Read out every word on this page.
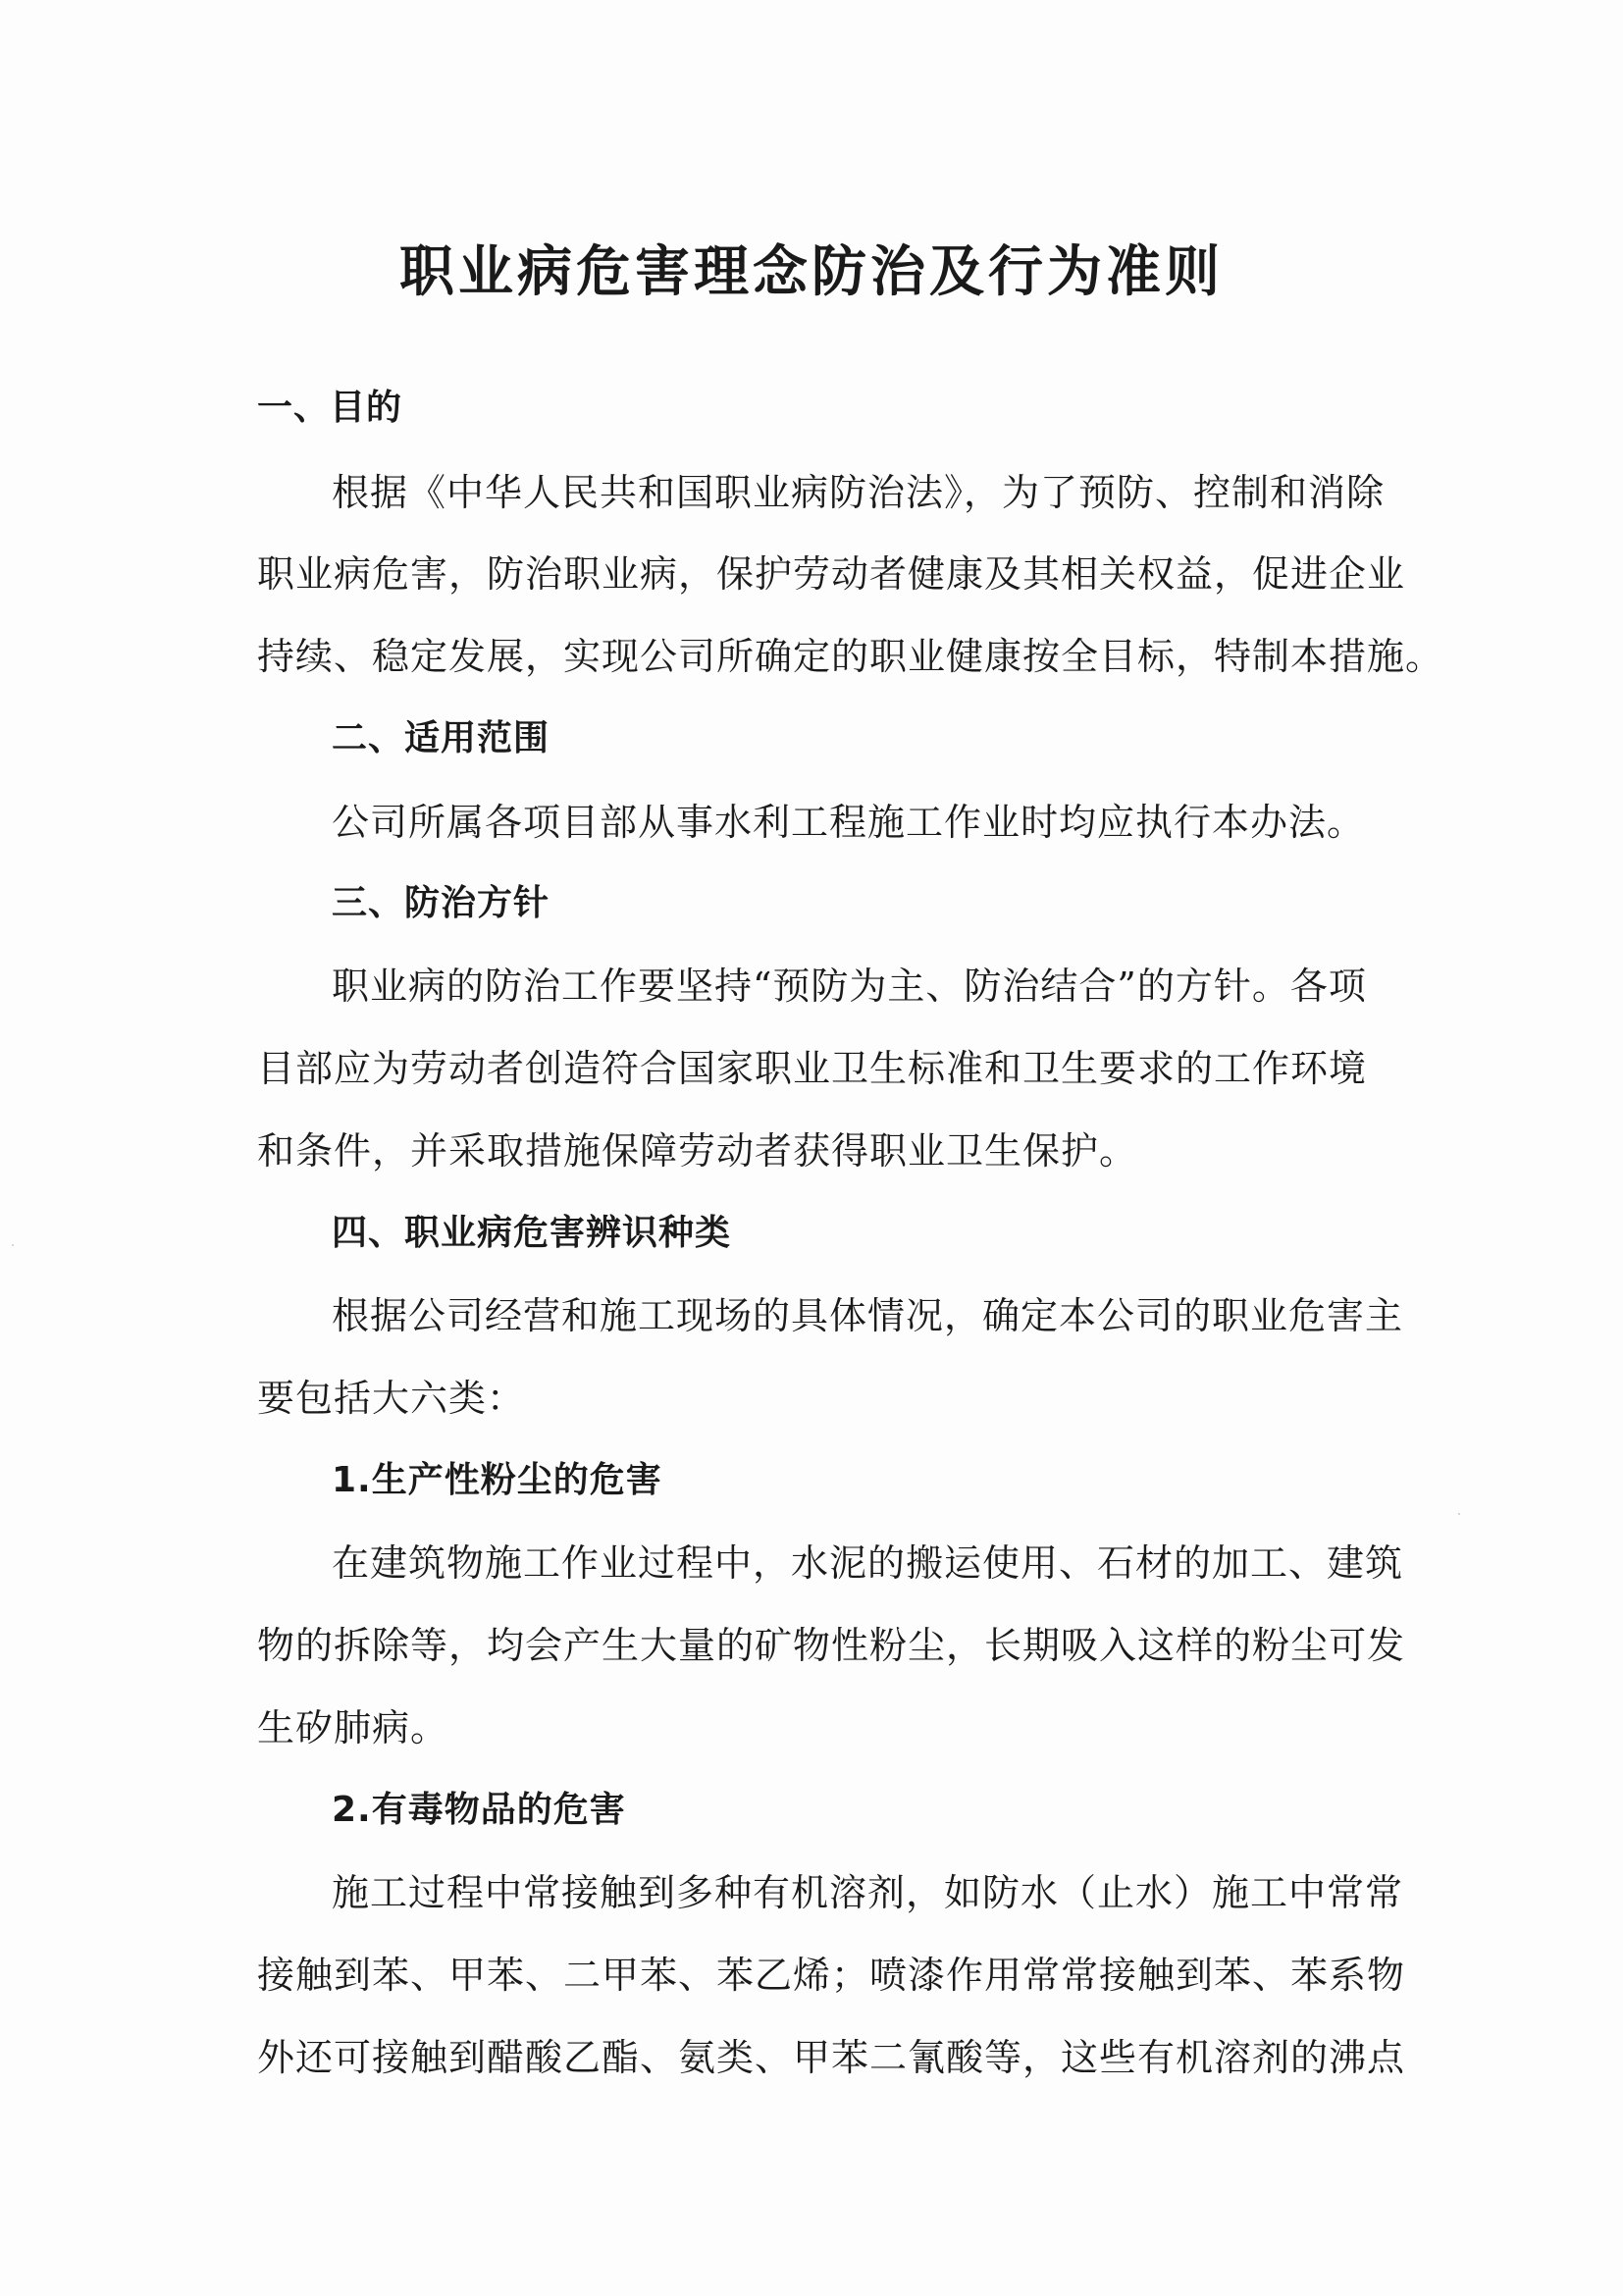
职业病危害理念防治及行为准则
一、目的
根据《中华人民共和国职业病防治法》，为了预防、控制和消除
职业病危害，防治职业病，保护劳动者健康及其相关权益，促进企业
持续、稳定发展，实现公司所确定的职业健康按全目标，特制本措施。
二、适用范围
公司所属各项目部从事水利工程施工作业时均应执行本办法。
三、防治方针
职业病的防治工作要坚持“预防为主、防治结合”的方针。各项
目部应为劳动者创造符合国家职业卫生标准和卫生要求的工作环境
和条件，并采取措施保障劳动者获得职业卫生保护。
四、职业病危害辨识种类
根据公司经营和施工现场的具体情况，确定本公司的职业危害主
要包括大六类：
1.生产性粉尘的危害
在建筑物施工作业过程中，水泥的搬运使用、石材的加工、建筑
物的拆除等，均会产生大量的矿物性粉尘，长期吸入这样的粉尘可发
生矽肺病。
2.有毒物品的危害
施工过程中常接触到多种有机溶剂，如防水（止水）施工中常常
接触到苯、甲苯、二甲苯、苯乙烯；喷漆作用常常接触到苯、苯系物
外还可接触到醋酸乙酯、氨类、甲苯二氰酸等，这些有机溶剂的沸点
